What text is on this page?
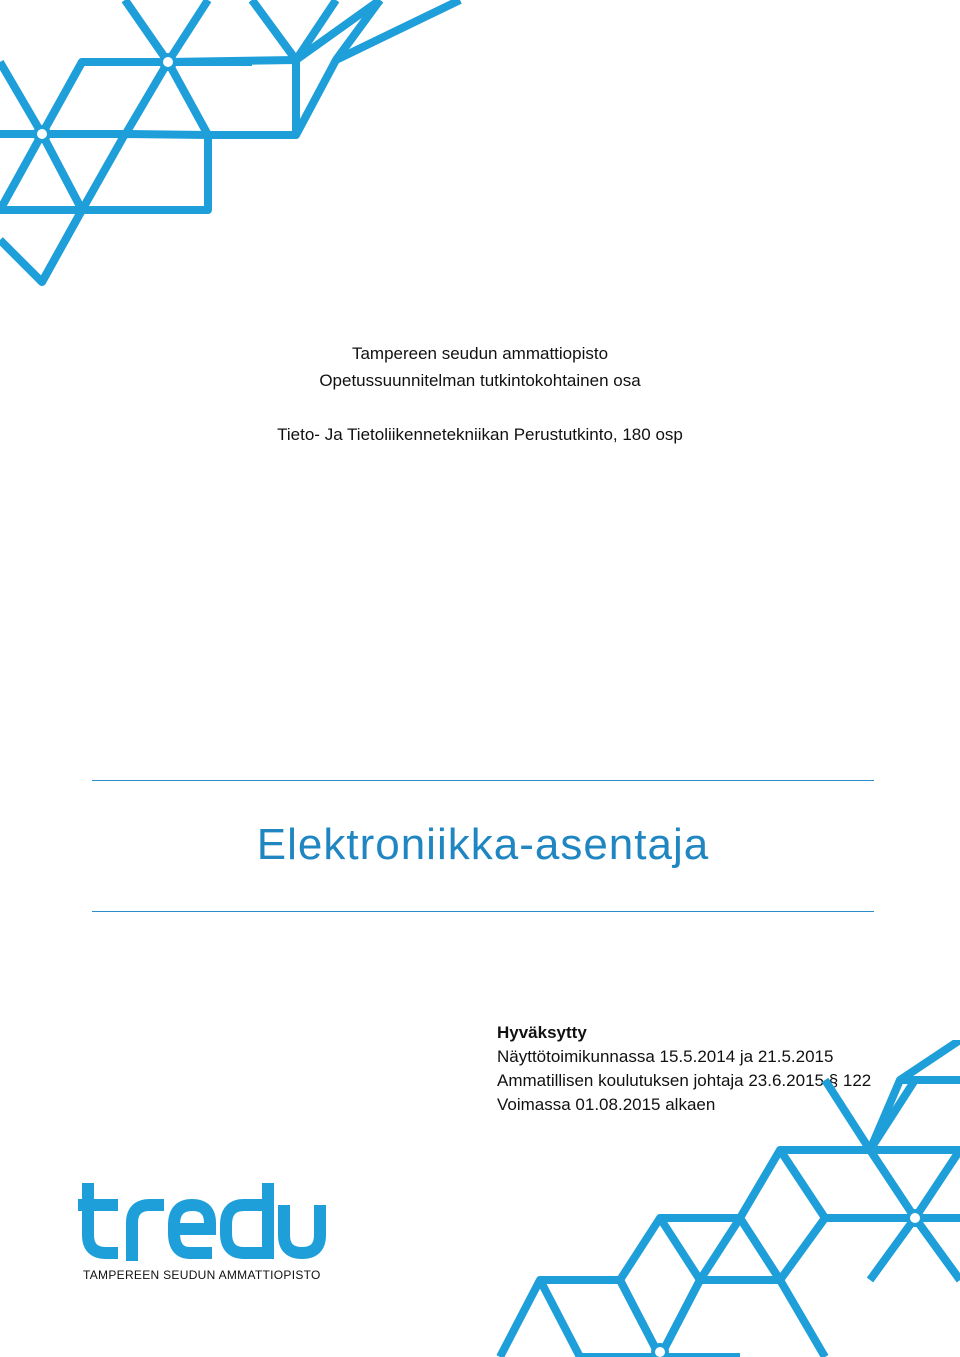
Tampereen seudun ammattiopisto
Opetussuunnitelman tutkintokohtainen osa
Tieto- Ja Tietoliikennetekniikan Perustutkinto, 180 osp
Elektroniikka-asentaja
Hyväksytty
Näyttötoimikunnassa 15.5.2014 ja 21.5.2015
Ammatillisen koulutuksen johtaja 23.6.2015 § 122
Voimassa 01.08.2015 alkaen
TAMPEREEN SEUDUN AMMATTIOPISTO
